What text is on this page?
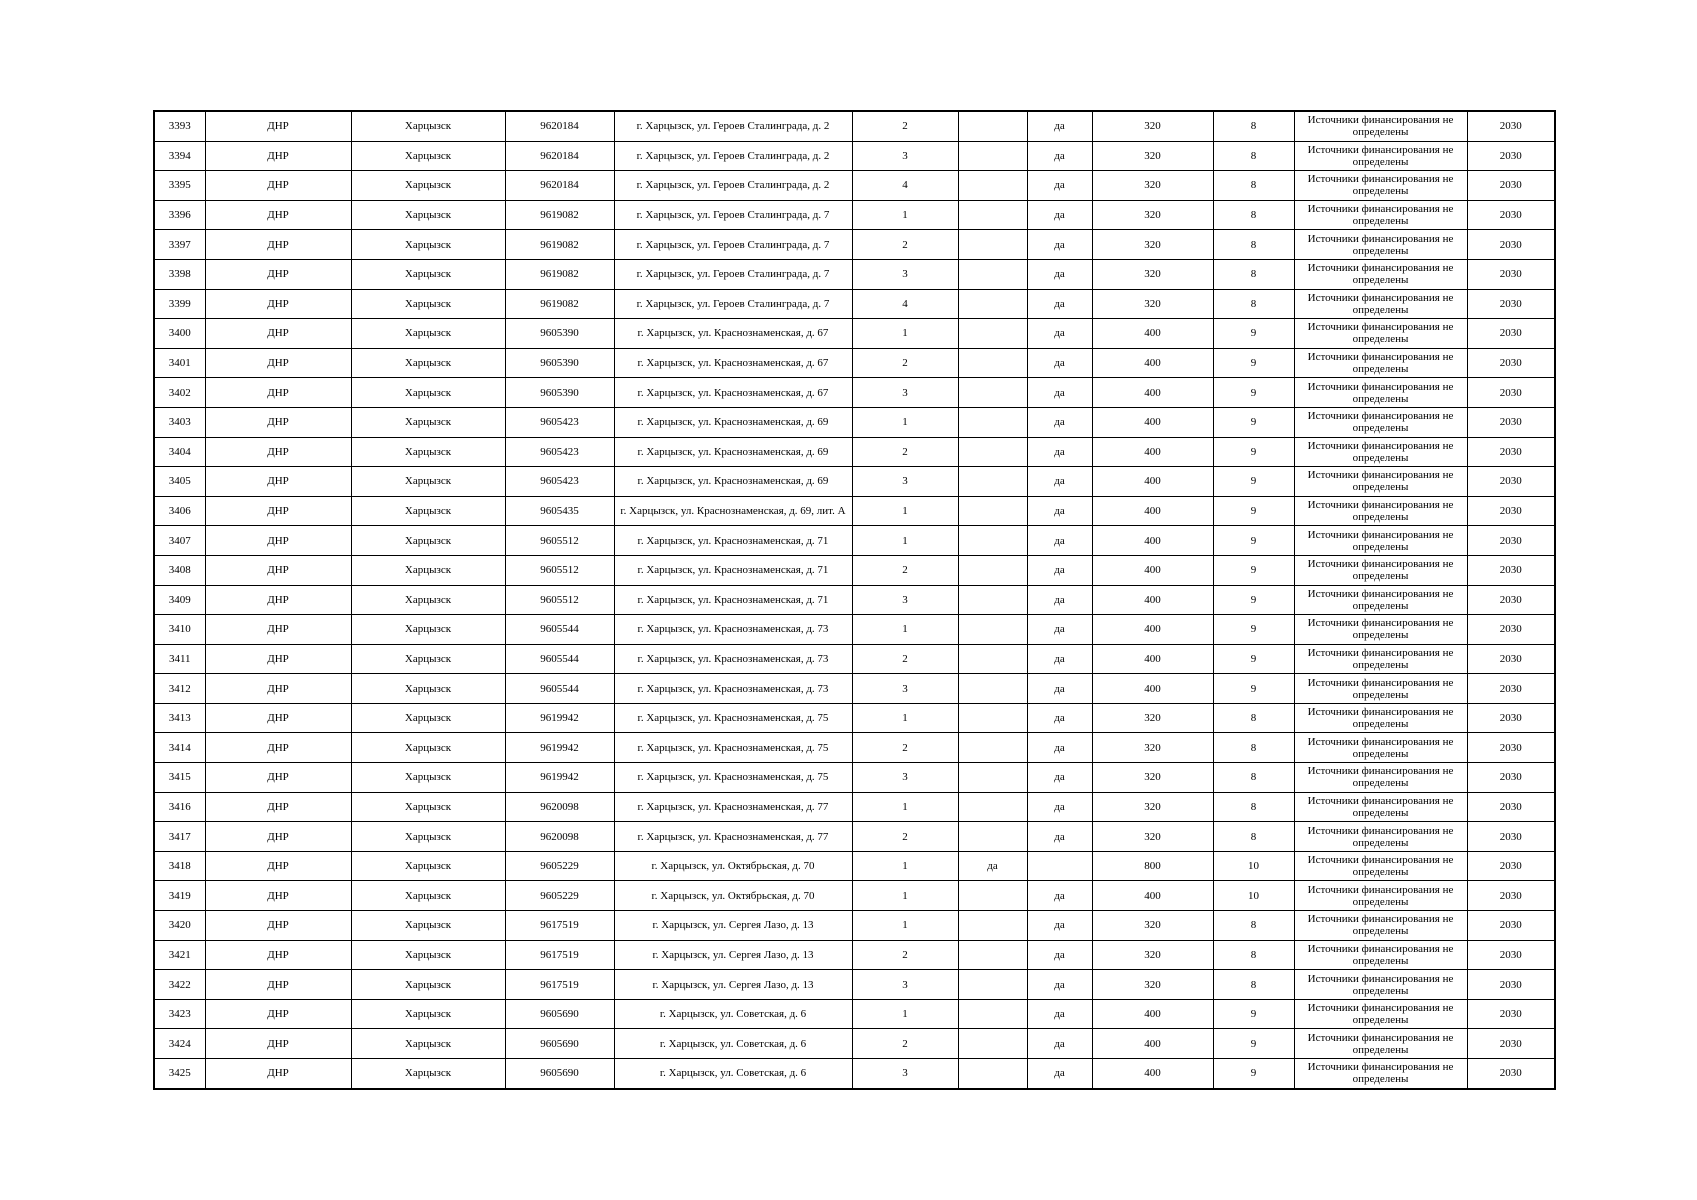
3393	ДНР	Харцызск	9620184	г. Харцызск, ул. Героев Сталинграда, д. 2	2		да	320	8	Источники финансирования не определены	2030
3394	ДНР	Харцызск	9620184	г. Харцызск, ул. Героев Сталинграда, д. 2	3		да	320	8	Источники финансирования не определены	2030
3395	ДНР	Харцызск	9620184	г. Харцызск, ул. Героев Сталинграда, д. 2	4		да	320	8	Источники финансирования не определены	2030
3396	ДНР	Харцызск	9619082	г. Харцызск, ул. Героев Сталинграда, д. 7	1		да	320	8	Источники финансирования не определены	2030
3397	ДНР	Харцызск	9619082	г. Харцызск, ул. Героев Сталинграда, д. 7	2		да	320	8	Источники финансирования не определены	2030
3398	ДНР	Харцызск	9619082	г. Харцызск, ул. Героев Сталинграда, д. 7	3		да	320	8	Источники финансирования не определены	2030
3399	ДНР	Харцызск	9619082	г. Харцызск, ул. Героев Сталинграда, д. 7	4		да	320	8	Источники финансирования не определены	2030
3400	ДНР	Харцызск	9605390	г. Харцызск, ул. Краснознаменская, д. 67	1		да	400	9	Источники финансирования не определены	2030
3401	ДНР	Харцызск	9605390	г. Харцызск, ул. Краснознаменская, д. 67	2		да	400	9	Источники финансирования не определены	2030
3402	ДНР	Харцызск	9605390	г. Харцызск, ул. Краснознаменская, д. 67	3		да	400	9	Источники финансирования не определены	2030
3403	ДНР	Харцызск	9605423	г. Харцызск, ул. Краснознаменская, д. 69	1		да	400	9	Источники финансирования не определены	2030
3404	ДНР	Харцызск	9605423	г. Харцызск, ул. Краснознаменская, д. 69	2		да	400	9	Источники финансирования не определены	2030
3405	ДНР	Харцызск	9605423	г. Харцызск, ул. Краснознаменская, д. 69	3		да	400	9	Источники финансирования не определены	2030
3406	ДНР	Харцызск	9605435	г. Харцызск, ул. Краснознаменская, д. 69, лит. А	1		да	400	9	Источники финансирования не определены	2030
3407	ДНР	Харцызск	9605512	г. Харцызск, ул. Краснознаменская, д. 71	1		да	400	9	Источники финансирования не определены	2030
3408	ДНР	Харцызск	9605512	г. Харцызск, ул. Краснознаменская, д. 71	2		да	400	9	Источники финансирования не определены	2030
3409	ДНР	Харцызск	9605512	г. Харцызск, ул. Краснознаменская, д. 71	3		да	400	9	Источники финансирования не определены	2030
3410	ДНР	Харцызск	9605544	г. Харцызск, ул. Краснознаменская, д. 73	1		да	400	9	Источники финансирования не определены	2030
3411	ДНР	Харцызск	9605544	г. Харцызск, ул. Краснознаменская, д. 73	2		да	400	9	Источники финансирования не определены	2030
3412	ДНР	Харцызск	9605544	г. Харцызск, ул. Краснознаменская, д. 73	3		да	400	9	Источники финансирования не определены	2030
3413	ДНР	Харцызск	9619942	г. Харцызск, ул. Краснознаменская, д. 75	1		да	320	8	Источники финансирования не определены	2030
3414	ДНР	Харцызск	9619942	г. Харцызск, ул. Краснознаменская, д. 75	2		да	320	8	Источники финансирования не определены	2030
3415	ДНР	Харцызск	9619942	г. Харцызск, ул. Краснознаменская, д. 75	3		да	320	8	Источники финансирования не определены	2030
3416	ДНР	Харцызск	9620098	г. Харцызск, ул. Краснознаменская, д. 77	1		да	320	8	Источники финансирования не определены	2030
3417	ДНР	Харцызск	9620098	г. Харцызск, ул. Краснознаменская, д. 77	2		да	320	8	Источники финансирования не определены	2030
3418	ДНР	Харцызск	9605229	г. Харцызск, ул. Октябрьская, д. 70	1	да		800	10	Источники финансирования не определены	2030
3419	ДНР	Харцызск	9605229	г. Харцызск, ул. Октябрьская, д. 70	1		да	400	10	Источники финансирования не определены	2030
3420	ДНР	Харцызск	9617519	г. Харцызск, ул. Сергея Лазо, д. 13	1		да	320	8	Источники финансирования не определены	2030
3421	ДНР	Харцызск	9617519	г. Харцызск, ул. Сергея Лазо, д. 13	2		да	320	8	Источники финансирования не определены	2030
3422	ДНР	Харцызск	9617519	г. Харцызск, ул. Сергея Лазо, д. 13	3		да	320	8	Источники финансирования не определены	2030
3423	ДНР	Харцызск	9605690	г. Харцызск, ул. Советская, д. 6	1		да	400	9	Источники финансирования не определены	2030
3424	ДНР	Харцызск	9605690	г. Харцызск, ул. Советская, д. 6	2		да	400	9	Источники финансирования не определены	2030
3425	ДНР	Харцызск	9605690	г. Харцызск, ул. Советская, д. 6	3		да	400	9	Источники финансирования не определены	2030
